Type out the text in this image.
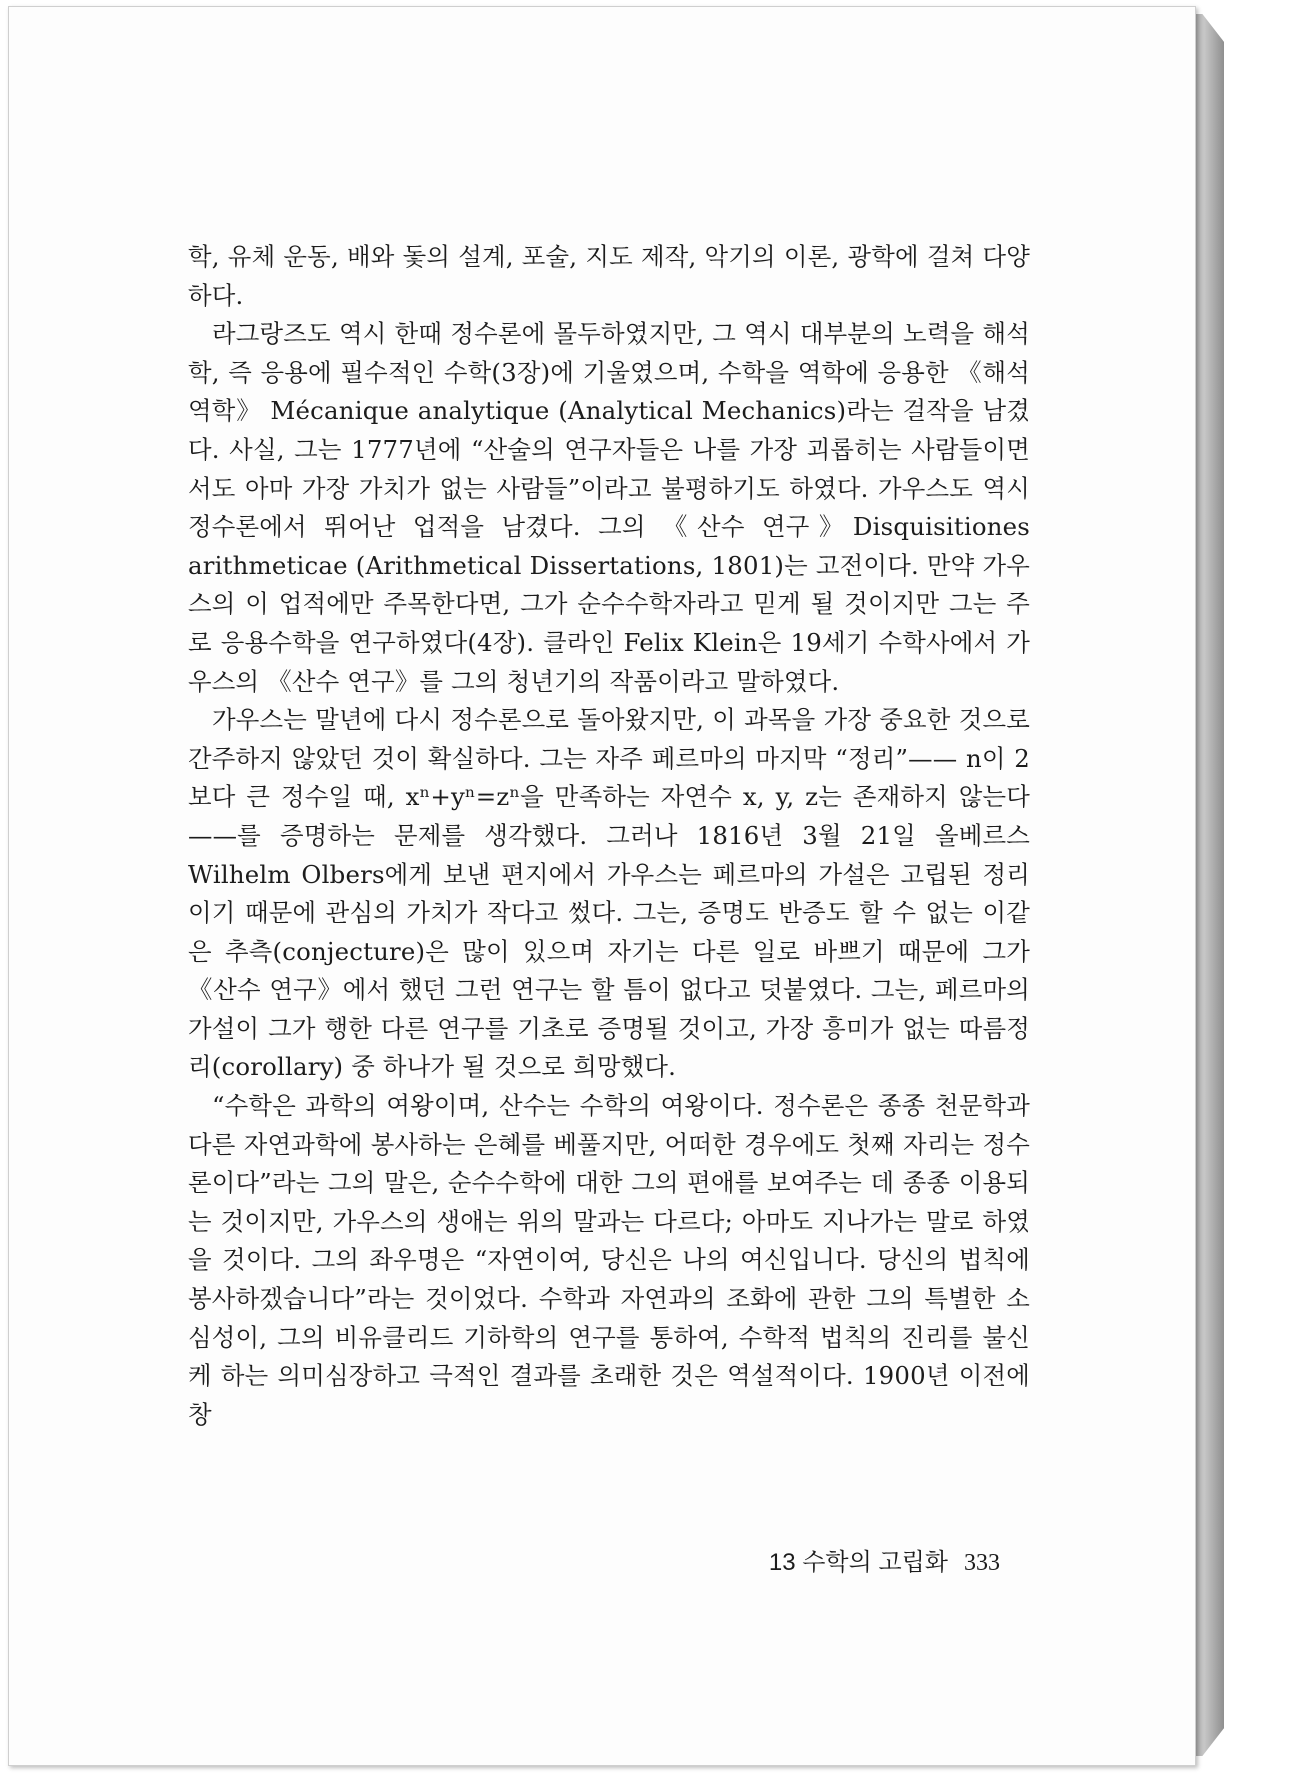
학, 유체 운동, 배와 돛의 설계, 포술, 지도 제작, 악기의 이론, 광학에 걸쳐 다양하다.

라그랑즈도 역시 한때 정수론에 몰두하였지만, 그 역시 대부분의 노력을 해석학, 즉 응용에 필수적인 수학(3장)에 기울였으며, 수학을 역학에 응용한 《해석역학》 Mécanique analytique (Analytical Mechanics)라는 걸작을 남겼다. 사실, 그는 1777년에 “산술의 연구자들은 나를 가장 괴롭히는 사람들이면서도 아마 가장 가치가 없는 사람들”이라고 불평하기도 하였다. 가우스도 역시 정수론에서 뛰어난 업적을 남겼다. 그의 《산수 연구》Disquisitiones arithmeticae (Arithmetical Dissertations, 1801)는 고전이다. 만약 가우스의 이 업적에만 주목한다면, 그가 순수수학자라고 믿게 될 것이지만 그는 주로 응용수학을 연구하였다(4장). 클라인 Felix Klein은 19세기 수학사에서 가우스의 《산수 연구》를 그의 청년기의 작품이라고 말하였다.

가우스는 말년에 다시 정수론으로 돌아왔지만, 이 과목을 가장 중요한 것으로 간주하지 않았던 것이 확실하다. 그는 자주 페르마의 마지막 “정리”—— n이 2보다 큰 정수일 때, xⁿ+yⁿ=zⁿ을 만족하는 자연수 x, y, z는 존재하지 않는다——를 증명하는 문제를 생각했다. 그러나 1816년 3월 21일 올베르스 Wilhelm Olbers에게 보낸 편지에서 가우스는 페르마의 가설은 고립된 정리이기 때문에 관심의 가치가 작다고 썼다. 그는, 증명도 반증도 할 수 없는 이같은 추측(conjecture)은 많이 있으며 자기는 다른 일로 바쁘기 때문에 그가 《산수 연구》에서 했던 그런 연구는 할 틈이 없다고 덧붙였다. 그는, 페르마의 가설이 그가 행한 다른 연구를 기초로 증명될 것이고, 가장 흥미가 없는 따름정리(corollary) 중 하나가 될 것으로 희망했다.

“수학은 과학의 여왕이며, 산수는 수학의 여왕이다. 정수론은 종종 천문학과 다른 자연과학에 봉사하는 은혜를 베풀지만, 어떠한 경우에도 첫째 자리는 정수론이다”라는 그의 말은, 순수수학에 대한 그의 편애를 보여주는 데 종종 이용되는 것이지만, 가우스의 생애는 위의 말과는 다르다; 아마도 지나가는 말로 하였을 것이다. 그의 좌우명은 “자연이여, 당신은 나의 여신입니다. 당신의 법칙에 봉사하겠습니다”라는 것이었다. 수학과 자연과의 조화에 관한 그의 특별한 소심성이, 그의 비유클리드 기하학의 연구를 통하여, 수학적 법칙의 진리를 불신케 하는 의미심장하고 극적인 결과를 초래한 것은 역설적이다. 1900년 이전에 창

13 수학의 고립화 333
